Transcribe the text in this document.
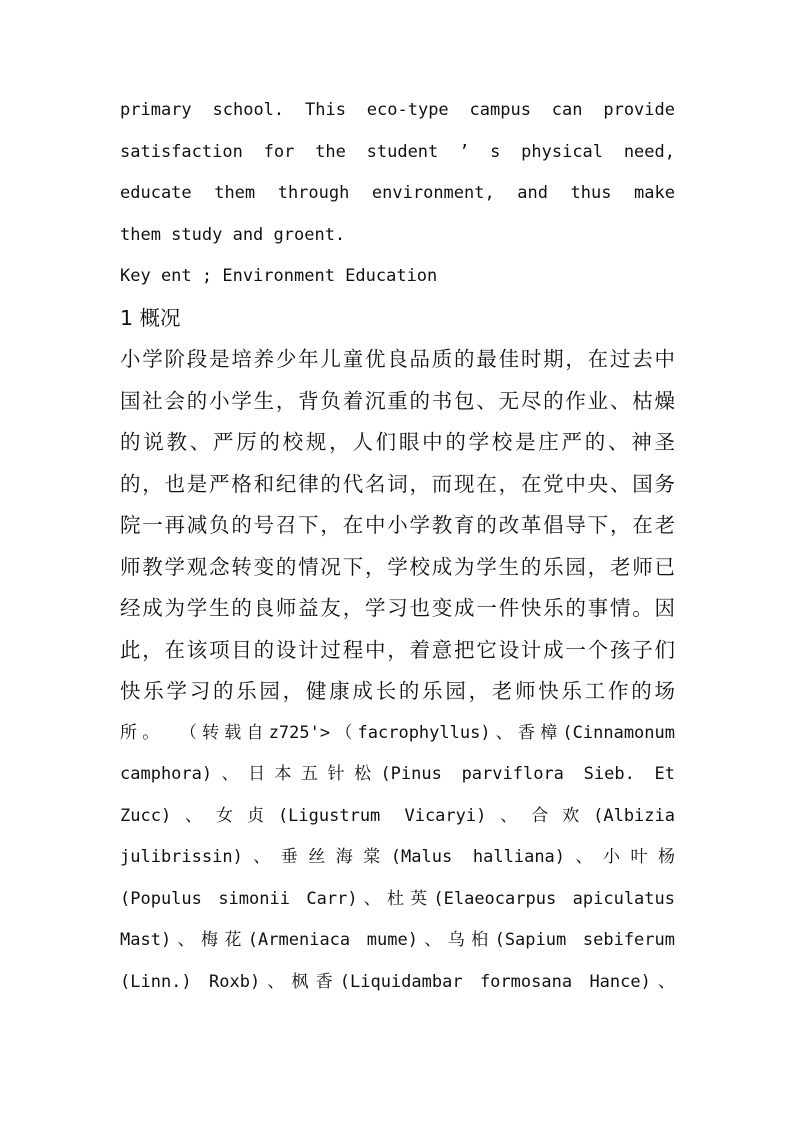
primary school. This eco-type campus can provide
satisfaction for the student ’ s physical need,
educate them through environment, and thus make
them study and groent.
Key ent ; Environment Education
1 概况
小学阶段是培养少年儿童优良品质的最佳时期，在过去中
国社会的小学生，背负着沉重的书包、无尽的作业、枯燥
的说教、严厉的校规，人们眼中的学校是庄严的、神圣
的，也是严格和纪律的代名词，而现在，在党中央、国务
院一再减负的号召下，在中小学教育的改革倡导下，在老
师教学观念转变的情况下，学校成为学生的乐园，老师已
经成为学生的良师益友，学习也变成一件快乐的事情。因
此，在该项目的设计过程中，着意把它设计成一个孩子们
快乐学习的乐园，健康成长的乐园，老师快乐工作的场
所。 （转载自z725'>（facrophyllus)、香樟(Cinnamonum
camphora)、日本五针松(Pinus parviflora Sieb. Et
Zucc)、女贞(Ligustrum Vicaryi)、合欢(Albizia
julibrissin)、垂丝海棠(Malus halliana)、小叶杨
(Populus simonii Carr)、杜英(Elaeocarpus apiculatus
Mast)、梅花(Armeniaca mume)、乌桕(Sapium sebiferum
(Linn.) Roxb)、枫香(Liquidambar formosana Hance)、
